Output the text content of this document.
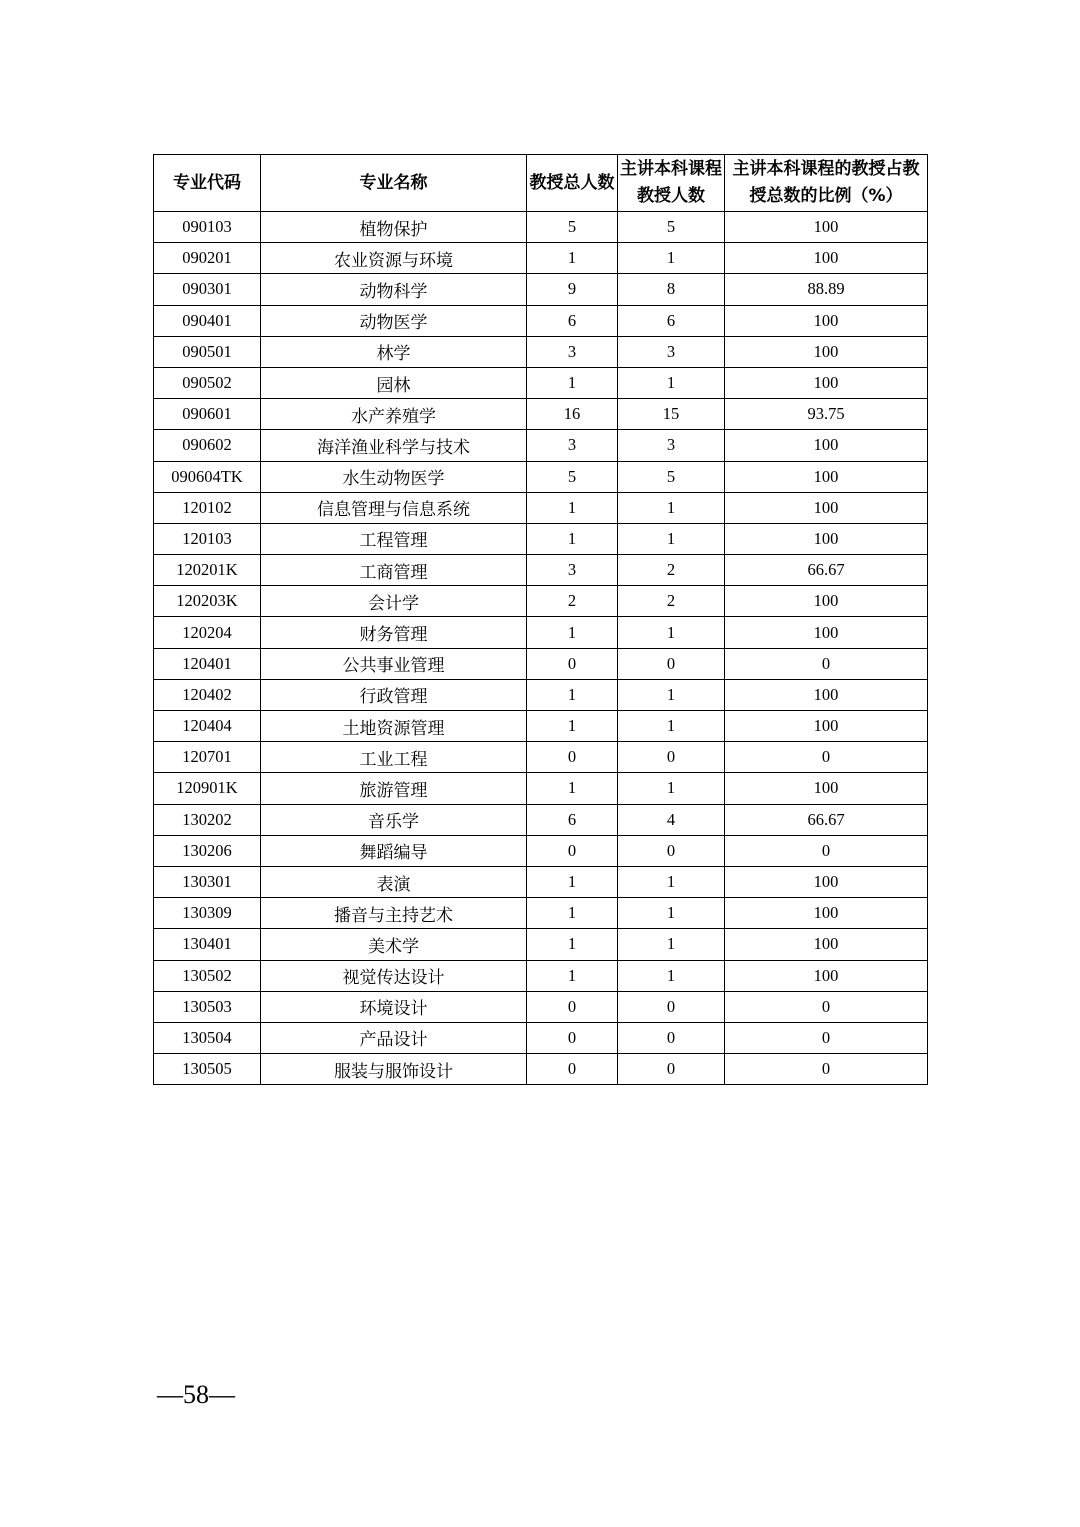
专业代码	专业名称	教授总人数	主讲本科课程教授人数	主讲本科课程的教授占教授总数的比例（%）
090103	植物保护	5	5	100
090201	农业资源与环境	1	1	100
090301	动物科学	9	8	88.89
090401	动物医学	6	6	100
090501	林学	3	3	100
090502	园林	1	1	100
090601	水产养殖学	16	15	93.75
090602	海洋渔业科学与技术	3	3	100
090604TK	水生动物医学	5	5	100
120102	信息管理与信息系统	1	1	100
120103	工程管理	1	1	100
120201K	工商管理	3	2	66.67
120203K	会计学	2	2	100
120204	财务管理	1	1	100
120401	公共事业管理	0	0	0
120402	行政管理	1	1	100
120404	土地资源管理	1	1	100
120701	工业工程	0	0	0
120901K	旅游管理	1	1	100
130202	音乐学	6	4	66.67
130206	舞蹈编导	0	0	0
130301	表演	1	1	100
130309	播音与主持艺术	1	1	100
130401	美术学	1	1	100
130502	视觉传达设计	1	1	100
130503	环境设计	0	0	0
130504	产品设计	0	0	0
130505	服装与服饰设计	0	0	0
—58—
